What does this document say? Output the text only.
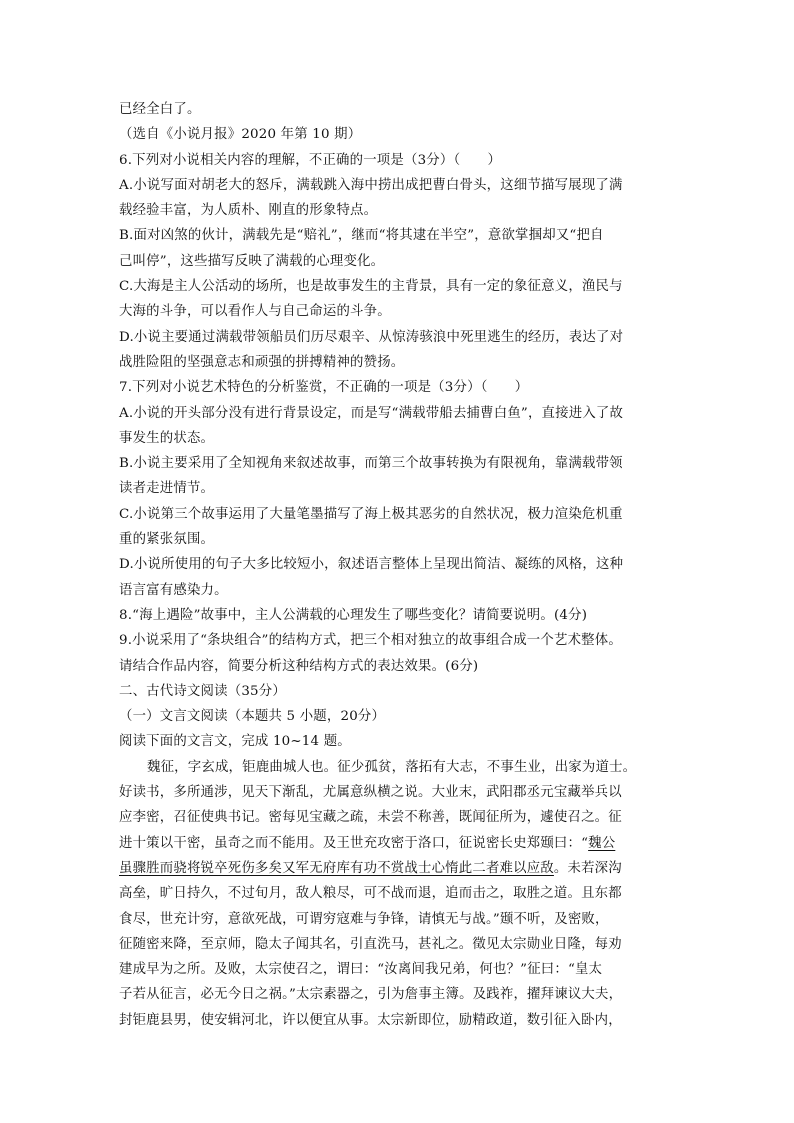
已经全白了。
（选自《小说月报》2020 年第 10 期）
6.下列对小说相关内容的理解，不正确的一项是（3分）（　　）
A.小说写面对胡老大的怒斥，满载跳入海中捞出成把曹白骨头，这细节描写展现了满
载经验丰富，为人质朴、刚直的形象特点。
B.面对凶煞的伙计，满载先是“赔礼”，继而“将其逮在半空”，意欲掌掴却又“把自
己叫停”，这些描写反映了满载的心理变化。
C.大海是主人公活动的场所，也是故事发生的主背景，具有一定的象征意义，渔民与
大海的斗争，可以看作人与自己命运的斗争。
D.小说主要通过满载带领船员们历尽艰辛、从惊涛骇浪中死里逃生的经历，表达了对
战胜险阻的坚强意志和顽强的拼搏精神的赞扬。
7.下列对小说艺术特色的分析鉴赏，不正确的一项是（3分）（　　）
A.小说的开头部分没有进行背景设定，而是写“满载带船去捕曹白鱼”，直接进入了故
事发生的状态。
B.小说主要采用了全知视角来叙述故事，而第三个故事转换为有限视角，靠满载带领
读者走进情节。
C.小说第三个故事运用了大量笔墨描写了海上极其恶劣的自然状况，极力渲染危机重
重的紧张氛围。
D.小说所使用的句子大多比较短小，叙述语言整体上呈现出简洁、凝练的风格，这种
语言富有感染力。
8.“海上遇险”故事中，主人公满载的心理发生了哪些变化？请简要说明。(4分)
9.小说采用了“条块组合”的结构方式，把三个相对独立的故事组合成一个艺术整体。
请结合作品内容，简要分析这种结构方式的表达效果。(6分)
二、古代诗文阅读（35分）
（一）文言文阅读（本题共 5 小题，20分）
阅读下面的文言文，完成 10~14 题。
魏征，字玄成，钜鹿曲城人也。征少孤贫，落拓有大志，不事生业，出家为道士。
好读书，多所通涉，见天下渐乱，尤属意纵横之说。大业末，武阳郡丞元宝藏举兵以
应李密，召征使典书记。密每见宝藏之疏，未尝不称善，既闻征所为，遽使召之。征
进十策以干密，虽奇之而不能用。及王世充攻密于洛口，征说密长史郑颋曰：“魏公
虽骤胜而骁将锐卒死伤多矣又军无府库有功不赏战士心惰此二者难以应敌。未若深沟
高垒，旷日持久，不过旬月，敌人粮尽，可不战而退，追而击之，取胜之道。且东都
食尽，世充计穷，意欲死战，可谓穷寇难与争锋，请慎无与战。”颋不听，及密败，
征随密来降，至京师，隐太子闻其名，引直洗马，甚礼之。徵见太宗勋业日隆，每劝
建成早为之所。及败，太宗使召之，谓曰：“汝离间我兄弟，何也？”征曰：“皇太
子若从征言，必无今日之祸。”太宗素器之，引为詹事主簿。及践祚，擢拜谏议大夫，
封钜鹿县男，使安辑河北，许以便宜从事。太宗新即位，励精政道，数引征入卧内，
